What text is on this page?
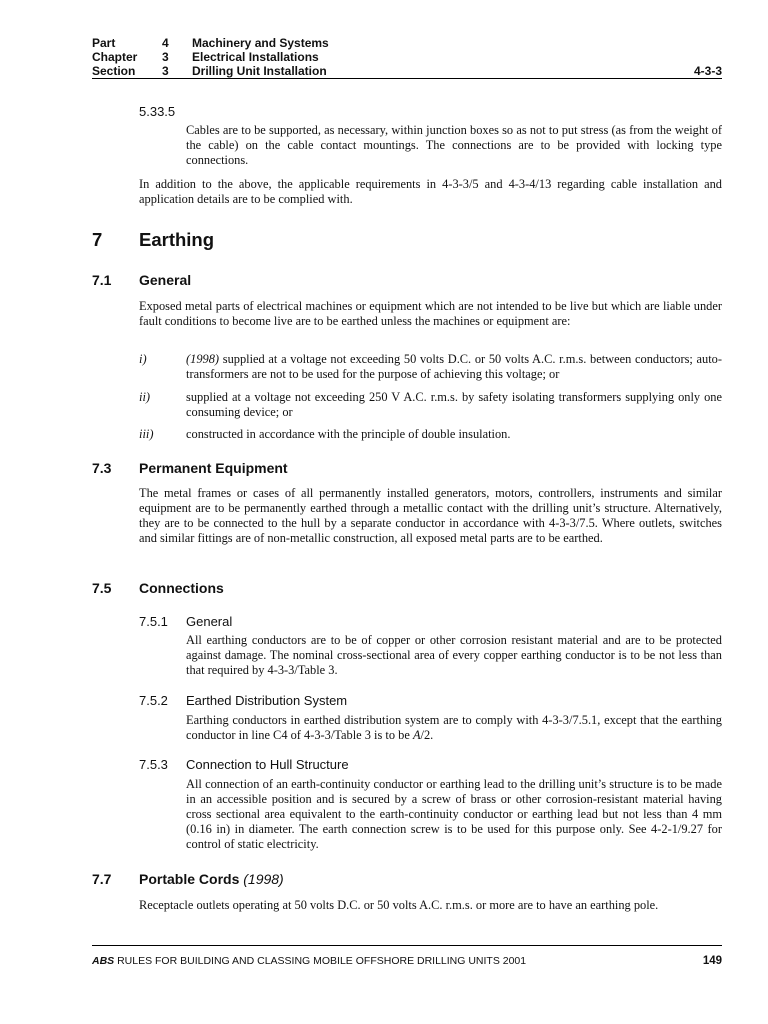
Part	4 Machinery and Systems
Chapter 3 Electrical Installations
Section 3 Drilling Unit Installation	4-3-3
5.33.5
Cables are to be supported, as necessary, within junction boxes so as not to put stress (as from the weight of the cable) on the cable contact mountings. The connections are to be provided with locking type connections.
In addition to the above, the applicable requirements in 4-3-3/5 and 4-3-4/13 regarding cable installation and application details are to be complied with.
7 Earthing
7.1 General
Exposed metal parts of electrical machines or equipment which are not intended to be live but which are liable under fault conditions to become live are to be earthed unless the machines or equipment are:
i)	(1998) supplied at a voltage not exceeding 50 volts D.C. or 50 volts A.C. r.m.s. between conductors; auto-transformers are not to be used for the purpose of achieving this voltage; or
ii)	supplied at a voltage not exceeding 250 V A.C. r.m.s. by safety isolating transformers supplying only one consuming device; or
iii)	constructed in accordance with the principle of double insulation.
7.3 Permanent Equipment
The metal frames or cases of all permanently installed generators, motors, controllers, instruments and similar equipment are to be permanently earthed through a metallic contact with the drilling unit’s structure. Alternatively, they are to be connected to the hull by a separate conductor in accordance with 4-3-3/7.5. Where outlets, switches and similar fittings are of non-metallic construction, all exposed metal parts are to be earthed.
7.5 Connections
7.5.1 General
All earthing conductors are to be of copper or other corrosion resistant material and are to be protected against damage. The nominal cross-sectional area of every copper earthing conductor is to be not less than that required by 4-3-3/Table 3.
7.5.2 Earthed Distribution System
Earthing conductors in earthed distribution system are to comply with 4-3-3/7.5.1, except that the earthing conductor in line C4 of 4-3-3/Table 3 is to be A/2.
7.5.3 Connection to Hull Structure
All connection of an earth-continuity conductor or earthing lead to the drilling unit’s structure is to be made in an accessible position and is secured by a screw of brass or other corrosion-resistant material having cross sectional area equivalent to the earth-continuity conductor or earthing lead but not less than 4 mm (0.16 in) in diameter. The earth connection screw is to be used for this purpose only. See 4-2-1/9.27 for control of static electricity.
7.7 Portable Cords (1998)
Receptacle outlets operating at 50 volts D.C. or 50 volts A.C. r.m.s. or more are to have an earthing pole.
ABS RULES FOR BUILDING AND CLASSING MOBILE OFFSHORE DRILLING UNITS 2001	149
